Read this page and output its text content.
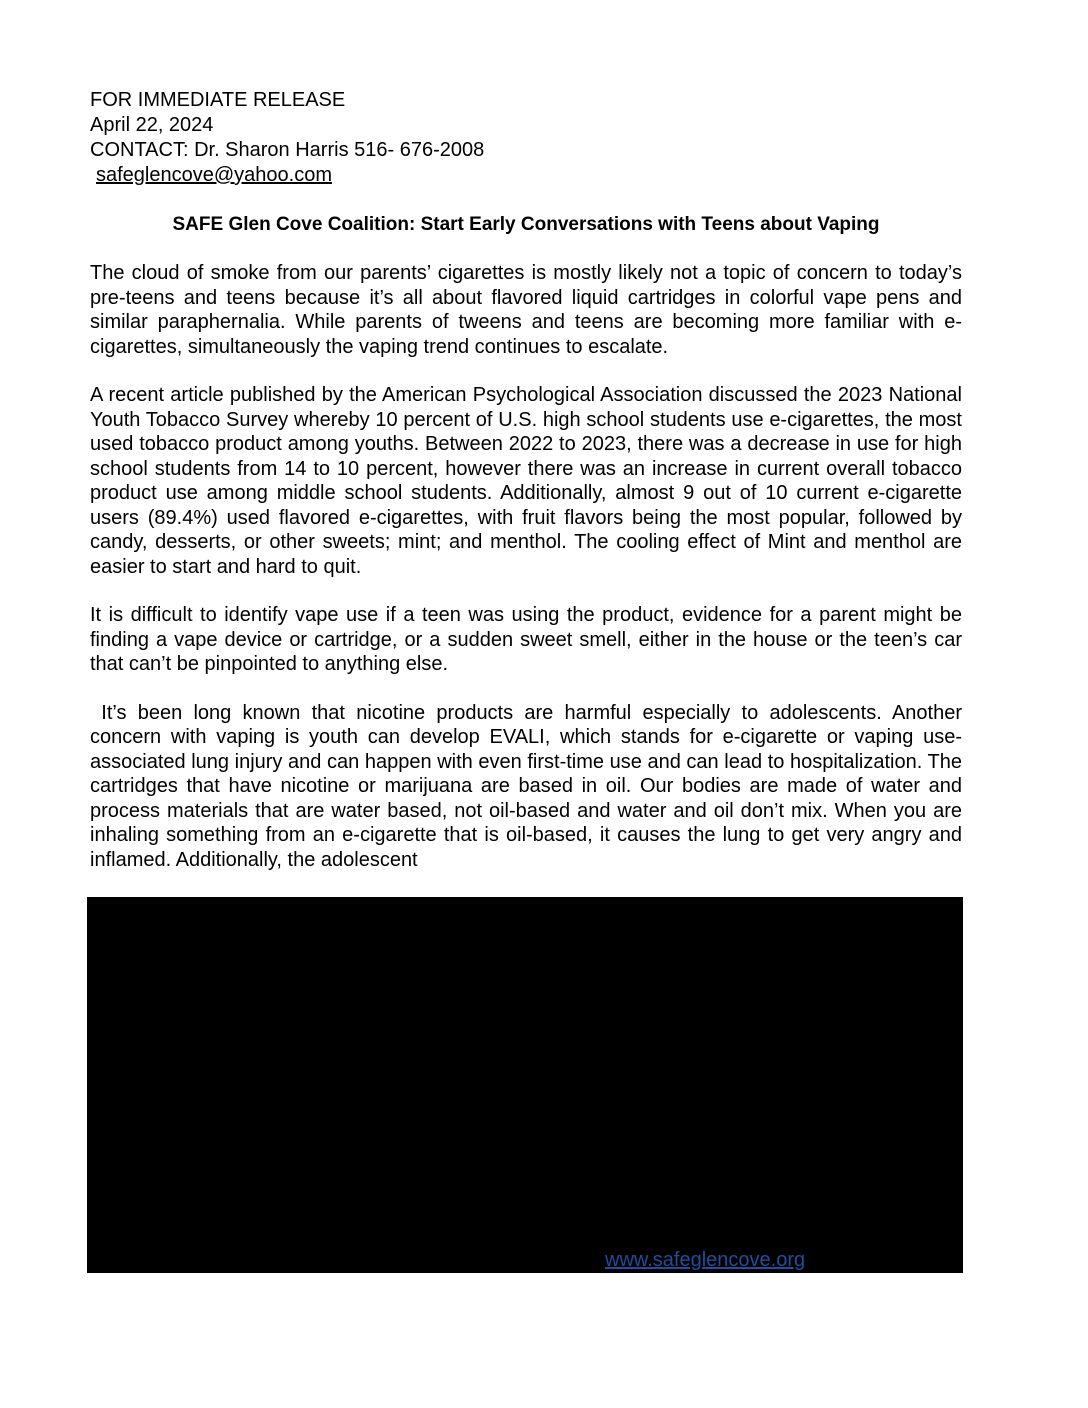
FOR IMMEDIATE RELEASE
April 22, 2024
CONTACT: Dr. Sharon Harris 516- 676-2008
safeglencove@yahoo.com
SAFE Glen Cove Coalition: Start Early Conversations with Teens about Vaping

The cloud of smoke from our parents’ cigarettes is mostly likely not a topic of concern to today’s pre-teens and teens because it’s all about flavored liquid cartridges in colorful vape pens and similar paraphernalia. While parents of tweens and teens are becoming more familiar with e-cigarettes, simultaneously the vaping trend continues to escalate.

A recent article published by the American Psychological Association discussed the 2023 National Youth Tobacco Survey whereby 10 percent of U.S. high school students use e-cigarettes, the most used tobacco product among youths. Between 2022 to 2023, there was a decrease in use for high school students from 14 to 10 percent, however there was an increase in current overall tobacco product use among middle school students. Additionally, almost 9 out of 10 current e-cigarette users (89.4%) used flavored e-cigarettes, with fruit flavors being the most popular, followed by candy, desserts, or other sweets; mint; and menthol. The cooling effect of Mint and menthol are easier to start and hard to quit.

It is difficult to identify vape use if a teen was using the product, evidence for a parent might be finding a vape device or cartridge, or a sudden sweet smell, either in the house or the teen’s car that can’t be pinpointed to anything else.

It’s been long known that nicotine products are harmful especially to adolescents. Another concern with vaping is youth can develop EVALI, which stands for e-cigarette or vaping use-associated lung injury and can happen with even first-time use and can lead to hospitalization. The cartridges that have nicotine or marijuana are based in oil. Our bodies are made of water and process materials that are water based, not oil-based and water and oil don’t mix. When you are inhaling something from an e-cigarette that is oil-based, it causes the lung to get very angry and inflamed. Additionally, the adolescent

www.safeglencove.org
